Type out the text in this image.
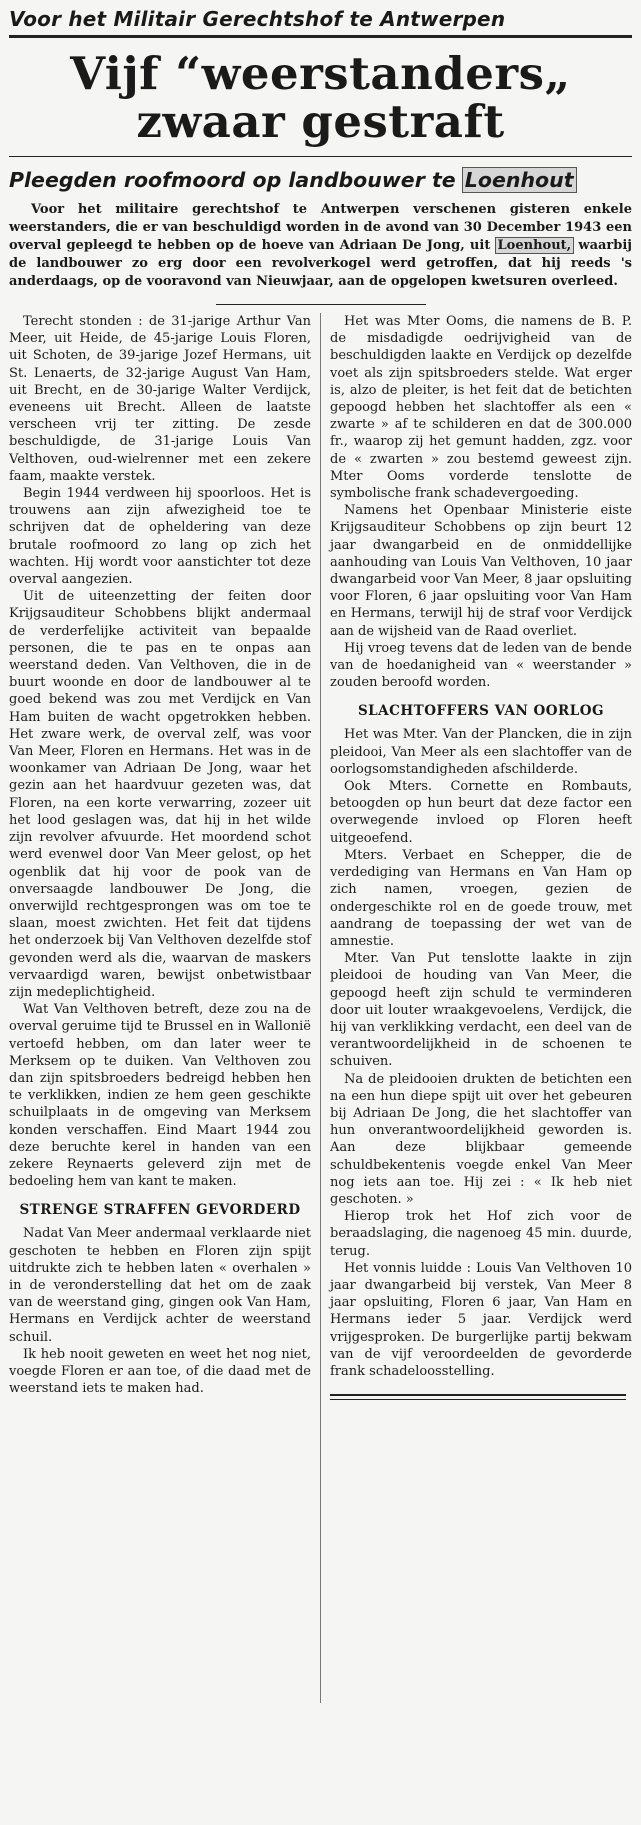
Voor het Militair Gerechtshof te Antwerpen
Vijf “weerstanders„
zwaar gestraft
Pleegden roofmoord op landbouwer te Loenhout

Voor het militaire gerechtshof te Antwerpen verschenen gisteren enkele weerstanders, die er van beschuldigd worden in de avond van 30 December 1943 een overval gepleegd te hebben op de hoeve van Adriaan De Jong, uit Loenhout, waarbij de landbouwer zo erg door een revolverkogel werd getroffen, dat hij reeds 's anderdaags, op de vooravond van Nieuwjaar, aan de opgelopen kwetsuren overleed.

Terecht stonden : de 31-jarige Arthur Van Meer, uit Heide, de 45-jarige Louis Floren, uit Schoten, de 39-jarige Jozef Hermans, uit St. Lenaerts, de 32-jarige August Van Ham, uit Brecht, en de 30-jarige Walter Verdijck, eveneens uit Brecht. Alleen de laatste verscheen vrij ter zitting. De zesde beschuldigde, de 31-jarige Louis Van Velthoven, oud-wielrenner met een zekere faam, maakte verstek.

Begin 1944 verdween hij spoorloos. Het is trouwens aan zijn afwezigheid toe te schrijven dat de opheldering van deze brutale roofmoord zo lang op zich het wachten. Hij wordt voor aanstichter tot deze overval aangezien.

Uit de uiteenzetting der feiten door Krijgsauditeur Schobbens blijkt andermaal de verderfelijke activiteit van bepaalde personen, die te pas en te onpas aan weerstand deden. Van Velthoven, die in de buurt woonde en door de landbouwer al te goed bekend was zou met Verdijck en Van Ham buiten de wacht opgetrokken hebben. Het zware werk, de overval zelf, was voor Van Meer, Floren en Hermans. Het was in de woonkamer van Adriaan De Jong, waar het gezin aan het haardvuur gezeten was, dat Floren, na een korte verwarring, zozeer uit het lood geslagen was, dat hij in het wilde zijn revolver afvuurde. Het moordend schot werd evenwel door Van Meer gelost, op het ogenblik dat hij voor de pook van de onversaagde landbouwer De Jong, die onverwijld rechtgesprongen was om toe te slaan, moest zwichten. Het feit dat tijdens het onderzoek bij Van Velthoven dezelfde stof gevonden werd als die, waarvan de maskers vervaardigd waren, bewijst onbetwistbaar zijn medeplichtigheid.

Wat Van Velthoven betreft, deze zou na de overval geruime tijd te Brussel en in Wallonië vertoefd hebben, om dan later weer te Merksem op te duiken. Van Velthoven zou dan zijn spitsbroeders bedreigd hebben hen te verklikken, indien ze hem geen geschikte schuilplaats in de omgeving van Merksem konden verschaffen. Eind Maart 1944 zou deze beruchte kerel in handen van een zekere Reynaerts geleverd zijn met de bedoeling hem van kant te maken.

STRENGE STRAFFEN GEVORDERD

Nadat Van Meer andermaal verklaarde niet geschoten te hebben en Floren zijn spijt uitdrukte zich te hebben laten « overhalen » in de veronderstelling dat het om de zaak van de weerstand ging, gingen ook Van Ham, Hermans en Verdijck achter de weerstand schuil.

Ik heb nooit geweten en weet het nog niet, voegde Floren er aan toe, of die daad met de weerstand iets te maken had.

Het was Mter Ooms, die namens de B. P. de misdadigde oedrijvigheid van de beschuldigden laakte en Verdijck op dezelfde voet als zijn spitsbroeders stelde. Wat erger is, alzo de pleiter, is het feit dat de betichten gepoogd hebben het slachtoffer als een « zwarte » af te schilderen en dat de 300.000 fr., waarop zij het gemunt hadden, zgz. voor de « zwarten » zou bestemd geweest zijn. Mter Ooms vorderde tenslotte de symbolische frank schadevergoeding.

Namens het Openbaar Ministerie eiste Krijgsauditeur Schobbens op zijn beurt 12 jaar dwangarbeid en de onmiddellijke aanhouding van Louis Van Velthoven, 10 jaar dwangarbeid voor Van Meer, 8 jaar opsluiting voor Floren, 6 jaar opsluiting voor Van Ham en Hermans, terwijl hij de straf voor Verdijck aan de wijsheid van de Raad overliet.

Hij vroeg tevens dat de leden van de bende van de hoedanigheid van « weerstander » zouden beroofd worden.

SLACHTOFFERS VAN OORLOG

Het was Mter. Van der Plancken, die in zijn pleidooi, Van Meer als een slachtoffer van de oorlogsomstandigheden afschilderde.

Ook Mters. Cornette en Rombauts, betoogden op hun beurt dat deze factor een overwegende invloed op Floren heeft uitgeoefend.

Mters. Verbaet en Schepper, die de verdediging van Hermans en Van Ham op zich namen, vroegen, gezien de ondergeschikte rol en de goede trouw, met aandrang de toepassing der wet van de amnestie.

Mter. Van Put tenslotte laakte in zijn pleidooi de houding van Van Meer, die gepoogd heeft zijn schuld te verminderen door uit louter wraakgevoelens, Verdijck, die hij van verklikking verdacht, een deel van de verantwoordelijkheid in de schoenen te schuiven.

Na de pleidooien drukten de betichten een na een hun diepe spijt uit over het gebeuren bij Adriaan De Jong, die het slachtoffer van hun onverantwoordelijkheid geworden is. Aan deze blijkbaar gemeende schuldbekentenis voegde enkel Van Meer nog iets aan toe. Hij zei : « Ik heb niet geschoten. »

Hierop trok het Hof zich voor de beraadslaging, die nagenoeg 45 min. duurde, terug.

Het vonnis luidde : Louis Van Velthoven 10 jaar dwangarbeid bij verstek, Van Meer 8 jaar opsluiting, Floren 6 jaar, Van Ham en Hermans ieder 5 jaar. Verdijck werd vrijgesproken. De burgerlijke partij bekwam van de vijf veroordeelden de gevorderde frank schadeloosstelling.
